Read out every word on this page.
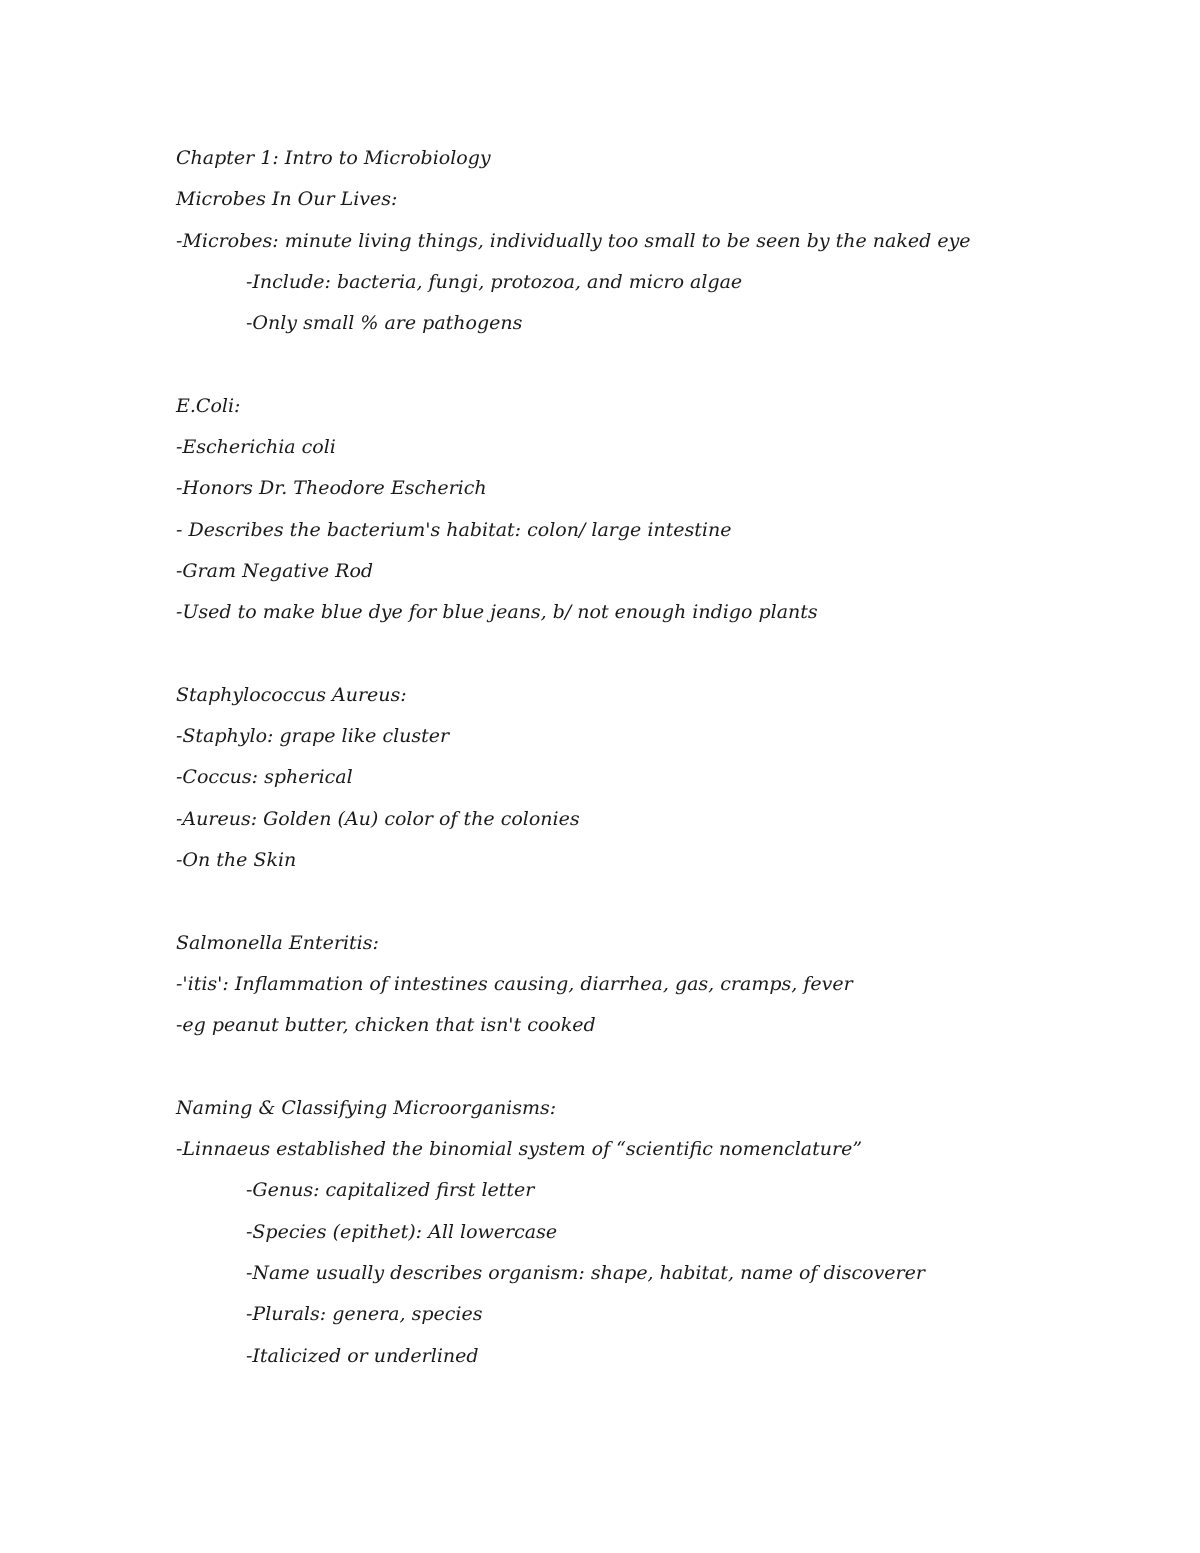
Chapter 1: Intro to Microbiology
Microbes In Our Lives:
-Microbes: minute living things, individually too small to be seen by the naked eye
-Include: bacteria, fungi, protozoa, and micro algae
-Only small % are pathogens
E.Coli:
-Escherichia coli
-Honors Dr. Theodore Escherich
- Describes the bacterium's habitat: colon/ large intestine
-Gram Negative Rod
-Used to make blue dye for blue jeans, b/ not enough indigo plants
Staphylococcus Aureus:
-Staphylo: grape like cluster
-Coccus: spherical
-Aureus: Golden (Au) color of the colonies
-On the Skin
Salmonella Enteritis:
-'itis': Inflammation of intestines causing, diarrhea, gas, cramps, fever
-eg peanut butter, chicken that isn't cooked
Naming & Classifying Microorganisms:
-Linnaeus established the binomial system of “scientific nomenclature”
-Genus: capitalized first letter
-Species (epithet): All lowercase
-Name usually describes organism: shape, habitat, name of discoverer
-Plurals: genera, species
-Italicized or underlined
